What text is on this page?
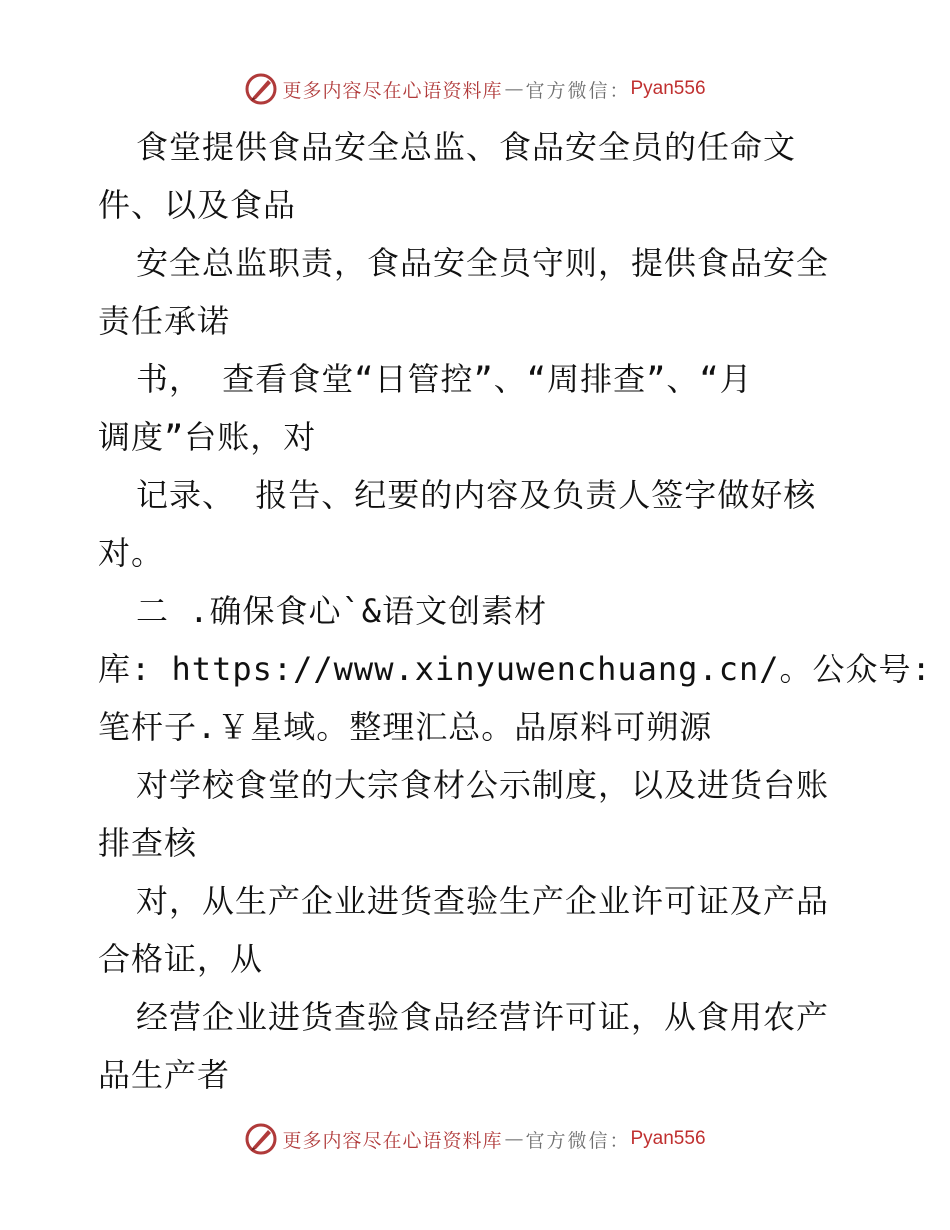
更多内容尽在心语资料库 — 官方微信： Pyan556
食堂提供食品安全总监、食品安全员的任命文
件、以及食品
安全总监职责，食品安全员守则，提供食品安全
责任承诺
书， 查看食堂“日管控”、“周排查”、“月
调度”台账，对
记录、 报告、纪要的内容及负责人签字做好核
对。
二 .确保食心`&语文创素材
库: https://www.xinyuwenchuang.cn/。公众号:
笔杆子.￥星域。整理汇总。品原料可朔源
对学校食堂的大宗食材公示制度，以及进货台账
排查核
对，从生产企业进货查验生产企业许可证及产品
合格证，从
经营企业进货查验食品经营许可证，从食用农产
品生产者
更多内容尽在心语资料库 — 官方微信： Pyan556
